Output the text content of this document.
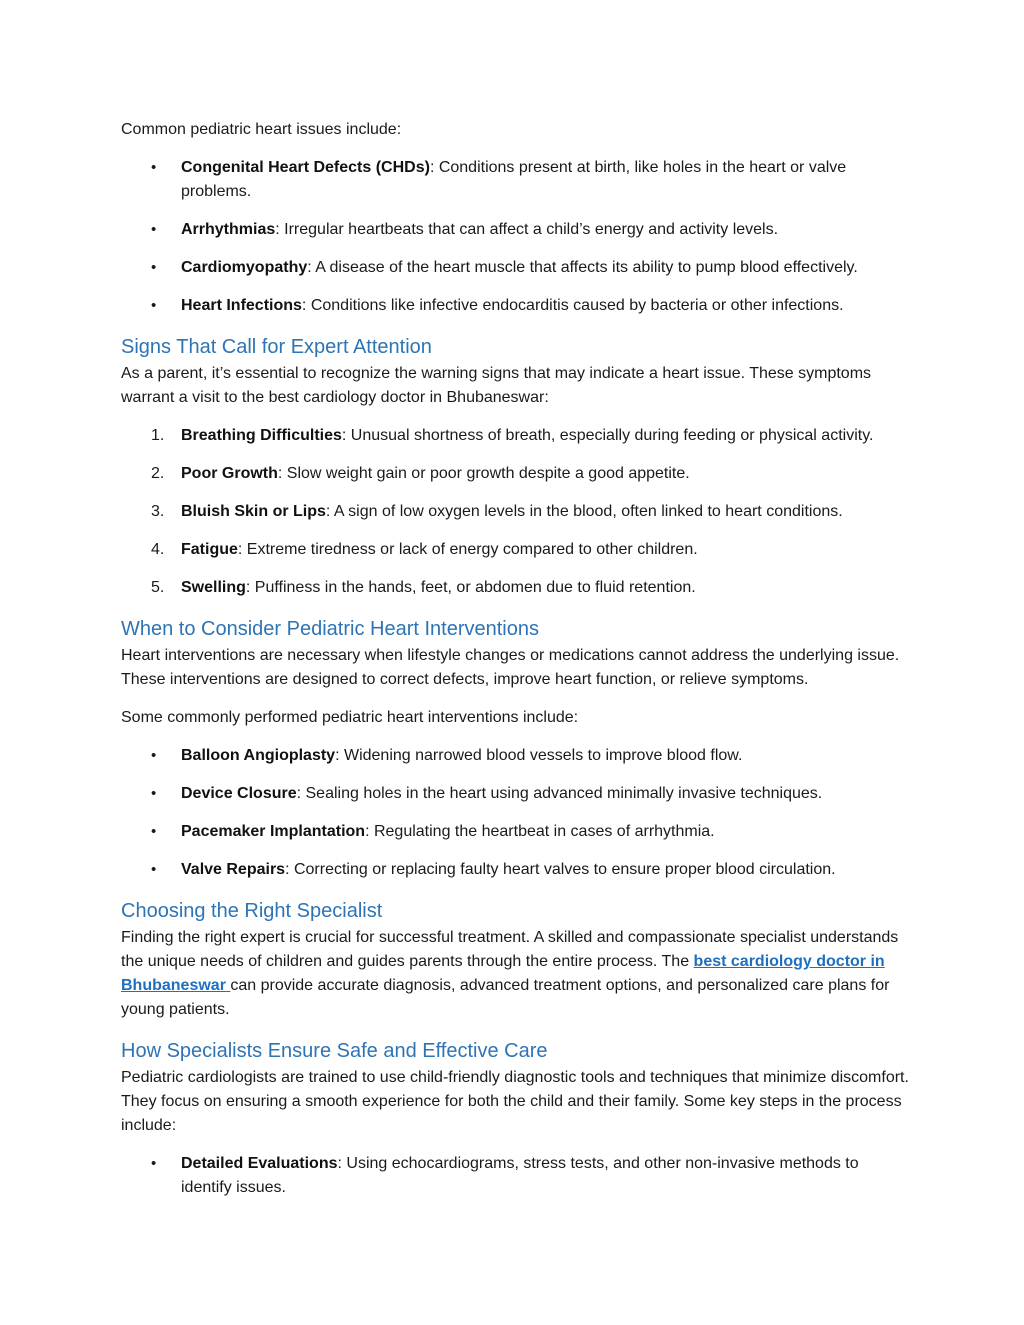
Common pediatric heart issues include:

•	Congenital Heart Defects (CHDs): Conditions present at birth, like holes in the heart or valve problems.
•	Arrhythmias: Irregular heartbeats that can affect a child’s energy and activity levels.
•	Cardiomyopathy: A disease of the heart muscle that affects its ability to pump blood effectively.
•	Heart Infections: Conditions like infective endocarditis caused by bacteria or other infections.
Signs That Call for Expert Attention

As a parent, it’s essential to recognize the warning signs that may indicate a heart issue. These symptoms warrant a visit to the best cardiology doctor in Bhubaneswar:

1.	Breathing Difficulties: Unusual shortness of breath, especially during feeding or physical activity.
2.	Poor Growth: Slow weight gain or poor growth despite a good appetite.
3.	Bluish Skin or Lips: A sign of low oxygen levels in the blood, often linked to heart conditions.
4.	Fatigue: Extreme tiredness or lack of energy compared to other children.
5.	Swelling: Puffiness in the hands, feet, or abdomen due to fluid retention.
When to Consider Pediatric Heart Interventions

Heart interventions are necessary when lifestyle changes or medications cannot address the underlying issue. These interventions are designed to correct defects, improve heart function, or relieve symptoms.

Some commonly performed pediatric heart interventions include:

•	Balloon Angioplasty: Widening narrowed blood vessels to improve blood flow.
•	Device Closure: Sealing holes in the heart using advanced minimally invasive techniques.
•	Pacemaker Implantation: Regulating the heartbeat in cases of arrhythmia.
•	Valve Repairs: Correcting or replacing faulty heart valves to ensure proper blood circulation.
Choosing the Right Specialist

Finding the right expert is crucial for successful treatment. A skilled and compassionate specialist understands the unique needs of children and guides parents through the entire process. The best cardiology doctor in Bhubaneswar can provide accurate diagnosis, advanced treatment options, and personalized care plans for young patients.

How Specialists Ensure Safe and Effective Care

Pediatric cardiologists are trained to use child-friendly diagnostic tools and techniques that minimize discomfort. They focus on ensuring a smooth experience for both the child and their family. Some key steps in the process include:

•	Detailed Evaluations: Using echocardiograms, stress tests, and other non-invasive methods to identify issues.
